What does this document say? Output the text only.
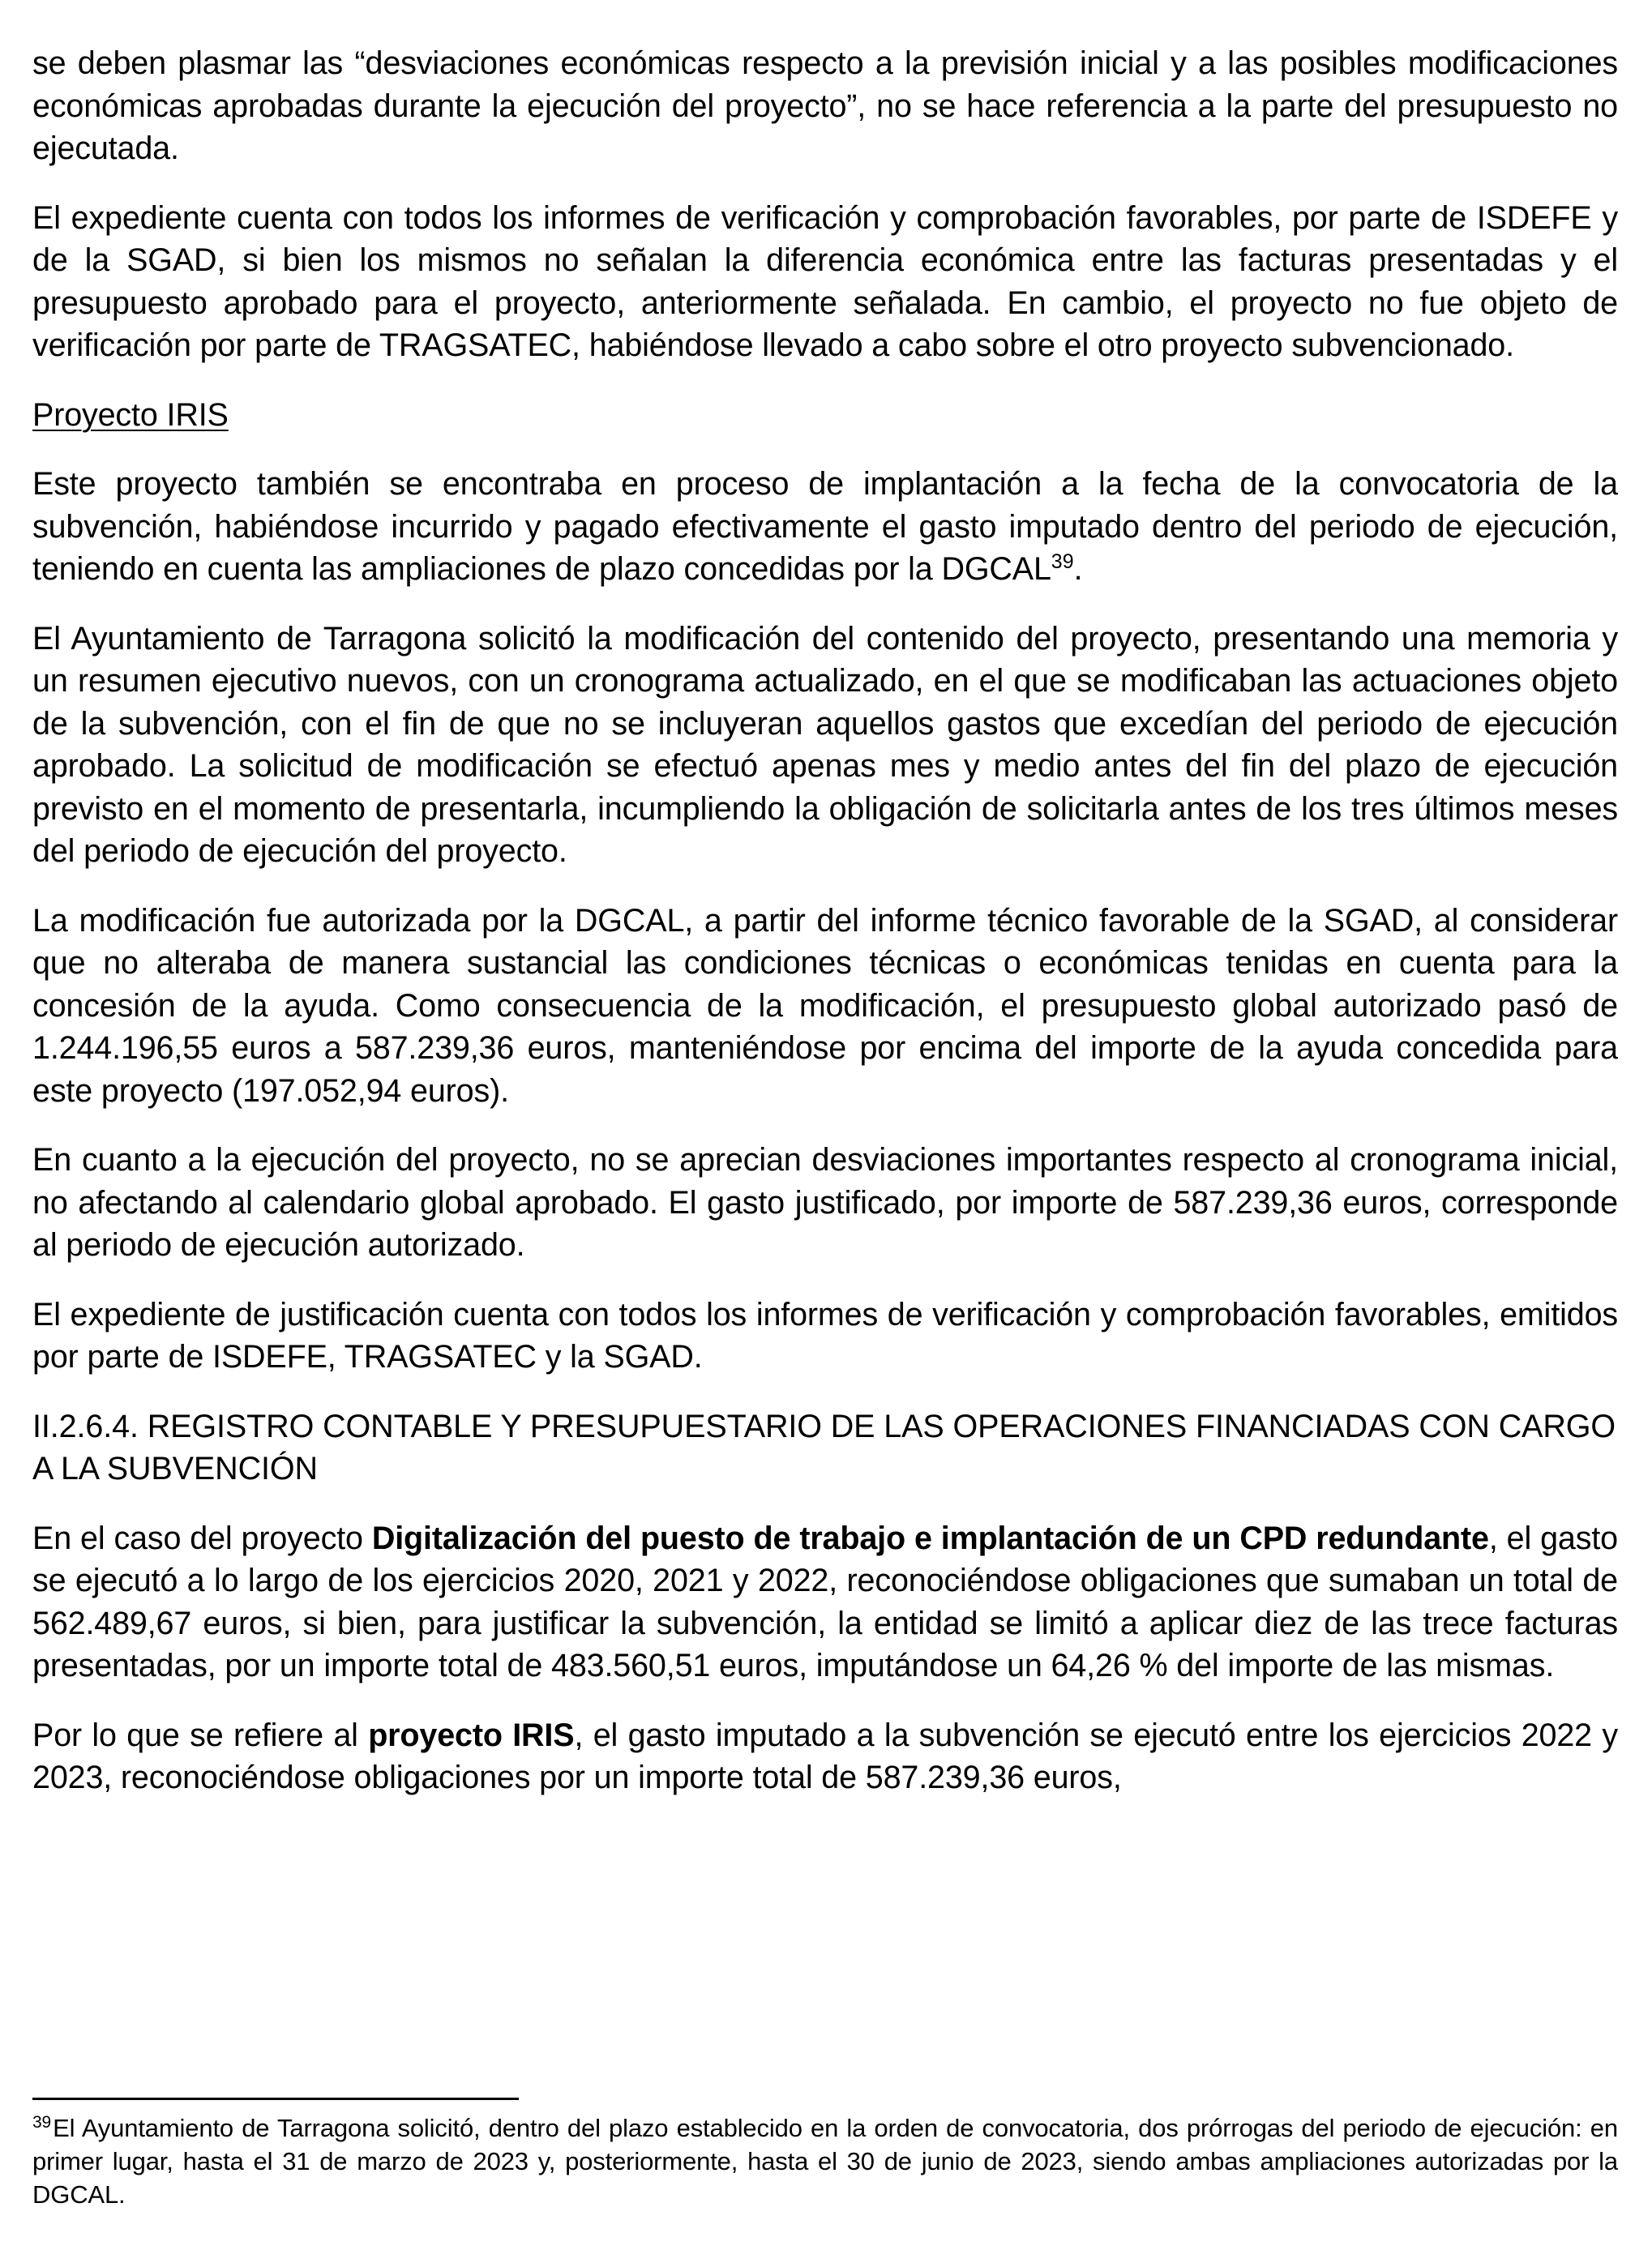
se deben plasmar las “desviaciones económicas respecto a la previsión inicial y a las posibles modificaciones económicas aprobadas durante la ejecución del proyecto”, no se hace referencia a la parte del presupuesto no ejecutada.

El expediente cuenta con todos los informes de verificación y comprobación favorables, por parte de ISDEFE y de la SGAD, si bien los mismos no señalan la diferencia económica entre las facturas presentadas y el presupuesto aprobado para el proyecto, anteriormente señalada. En cambio, el proyecto no fue objeto de verificación por parte de TRAGSATEC, habiéndose llevado a cabo sobre el otro proyecto subvencionado.

Proyecto IRIS

Este proyecto también se encontraba en proceso de implantación a la fecha de la convocatoria de la subvención, habiéndose incurrido y pagado efectivamente el gasto imputado dentro del periodo de ejecución, teniendo en cuenta las ampliaciones de plazo concedidas por la DGCAL$^{39}$.

El Ayuntamiento de Tarragona solicitó la modificación del contenido del proyecto, presentando una memoria y un resumen ejecutivo nuevos, con un cronograma actualizado, en el que se modificaban las actuaciones objeto de la subvención, con el fin de que no se incluyeran aquellos gastos que excedían del periodo de ejecución aprobado. La solicitud de modificación se efectuó apenas mes y medio antes del fin del plazo de ejecución previsto en el momento de presentarla, incumpliendo la obligación de solicitarla antes de los tres últimos meses del periodo de ejecución del proyecto.

La modificación fue autorizada por la DGCAL, a partir del informe técnico favorable de la SGAD, al considerar que no alteraba de manera sustancial las condiciones técnicas o económicas tenidas en cuenta para la concesión de la ayuda. Como consecuencia de la modificación, el presupuesto global autorizado pasó de 1.244.196,55 euros a 587.239,36 euros, manteniéndose por encima del importe de la ayuda concedida para este proyecto (197.052,94 euros).

En cuanto a la ejecución del proyecto, no se aprecian desviaciones importantes respecto al cronograma inicial, no afectando al calendario global aprobado. El gasto justificado, por importe de 587.239,36 euros, corresponde al periodo de ejecución autorizado.

El expediente de justificación cuenta con todos los informes de verificación y comprobación favorables, emitidos por parte de ISDEFE, TRAGSATEC y la SGAD.

II.2.6.4. REGISTRO CONTABLE Y PRESUPUESTARIO DE LAS OPERACIONES FINANCIADAS CON CARGO A LA SUBVENCIÓN

En el caso del proyecto Digitalización del puesto de trabajo e implantación de un CPD redundante, el gasto se ejecutó a lo largo de los ejercicios 2020, 2021 y 2022, reconociéndose obligaciones que sumaban un total de 562.489,67 euros, si bien, para justificar la subvención, la entidad se limitó a aplicar diez de las trece facturas presentadas, por un importe total de 483.560,51 euros, imputándose un 64,26 % del importe de las mismas.

Por lo que se refiere al proyecto IRIS, el gasto imputado a la subvención se ejecutó entre los ejercicios 2022 y 2023, reconociéndose obligaciones por un importe total de 587.239,36 euros,

$^{39}$El Ayuntamiento de Tarragona solicitó, dentro del plazo establecido en la orden de convocatoria, dos prórrogas del periodo de ejecución: en primer lugar, hasta el 31 de marzo de 2023 y, posteriormente, hasta el 30 de junio de 2023, siendo ambas ampliaciones autorizadas por la DGCAL.
